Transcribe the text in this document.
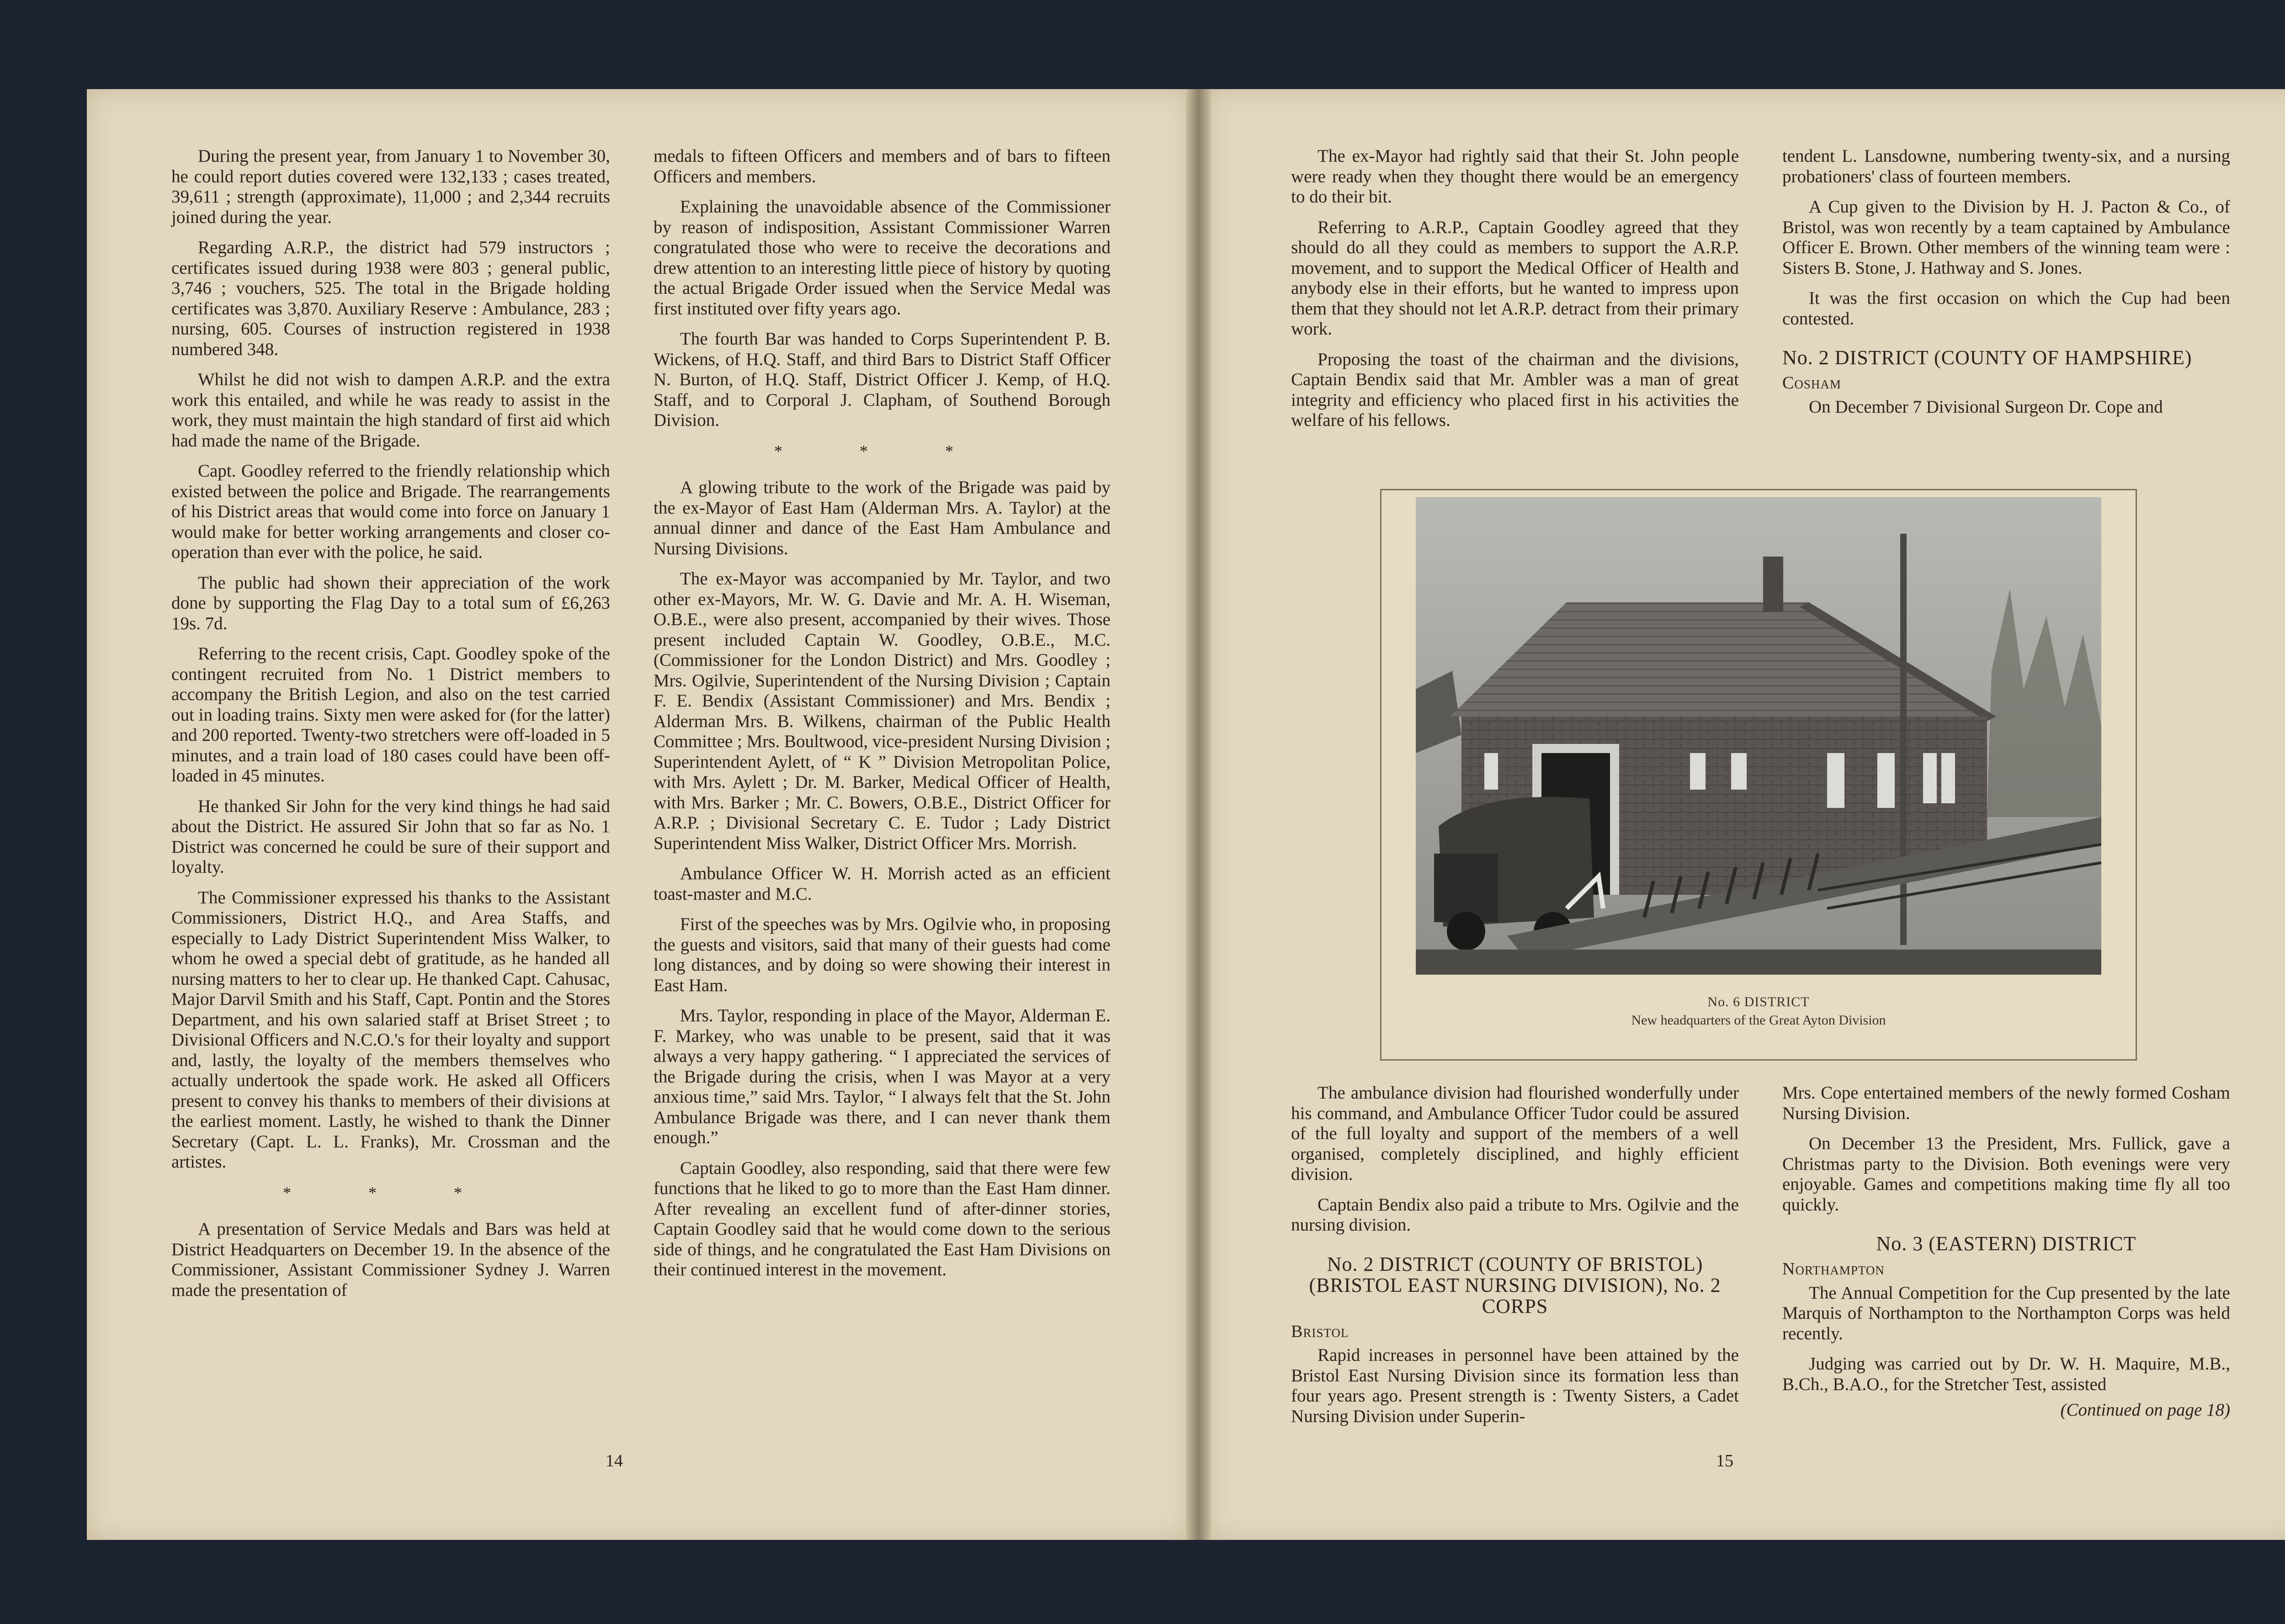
During the present year, from January 1 to November 30, he could report duties covered were 132,133 ; cases treated, 39,611 ; strength (approximate), 11,000 ; and 2,344 recruits joined during the year.

Regarding A.R.P., the district had 579 instructors ; certificates issued during 1938 were 803 ; general public, 3,746 ; vouchers, 525. The total in the Brigade holding certificates was 3,870. Auxiliary Reserve : Ambulance, 283 ; nursing, 605. Courses of instruction registered in 1938 numbered 348.

Whilst he did not wish to dampen A.R.P. and the extra work this entailed, and while he was ready to assist in the work, they must maintain the high standard of first aid which had made the name of the Brigade.

Capt. Goodley referred to the friendly relationship which existed between the police and Brigade. The rearrangements of his District areas that would come into force on January 1 would make for better working arrangements and closer co-operation than ever with the police, he said.

The public had shown their appreciation of the work done by supporting the Flag Day to a total sum of £6,263 19s. 7d.

Referring to the recent crisis, Capt. Goodley spoke of the contingent recruited from No. 1 District members to accompany the British Legion, and also on the test carried out in loading trains. Sixty men were asked for (for the latter) and 200 reported. Twenty-two stretchers were off-loaded in 5 minutes, and a train load of 180 cases could have been off-loaded in 45 minutes.

He thanked Sir John for the very kind things he had said about the District. He assured Sir John that so far as No. 1 District was concerned he could be sure of their support and loyalty.

The Commissioner expressed his thanks to the Assistant Commissioners, District H.Q., and Area Staffs, and especially to Lady District Superintendent Miss Walker, to whom he owed a special debt of gratitude, as he handed all nursing matters to her to clear up. He thanked Capt. Cahusac, Major Darvil Smith and his Staff, Capt. Pontin and the Stores Department, and his own salaried staff at Briset Street ; to Divisional Officers and N.C.O.'s for their loyalty and support and, lastly, the loyalty of the members themselves who actually undertook the spade work. He asked all Officers present to convey his thanks to members of their divisions at the earliest moment. Lastly, he wished to thank the Dinner Secretary (Capt. L. L. Franks), Mr. Crossman and the artistes.

* * *

A presentation of Service Medals and Bars was held at District Headquarters on December 19. In the absence of the Commissioner, Assistant Commissioner Sydney J. Warren made the presentation of

medals to fifteen Officers and members and of bars to fifteen Officers and members.

Explaining the unavoidable absence of the Commissioner by reason of indisposition, Assistant Commissioner Warren congratulated those who were to receive the decorations and drew attention to an interesting little piece of history by quoting the actual Brigade Order issued when the Service Medal was first instituted over fifty years ago.

The fourth Bar was handed to Corps Superintendent P. B. Wickens, of H.Q. Staff, and third Bars to District Staff Officer N. Burton, of H.Q. Staff, District Officer J. Kemp, of H.Q. Staff, and to Corporal J. Clapham, of Southend Borough Division.

* * *

A glowing tribute to the work of the Brigade was paid by the ex-Mayor of East Ham (Alderman Mrs. A. Taylor) at the annual dinner and dance of the East Ham Ambulance and Nursing Divisions.

The ex-Mayor was accompanied by Mr. Taylor, and two other ex-Mayors, Mr. W. G. Davie and Mr. A. H. Wiseman, O.B.E., were also present, accompanied by their wives. Those present included Captain W. Goodley, O.B.E., M.C. (Commissioner for the London District) and Mrs. Goodley ; Mrs. Ogilvie, Superintendent of the Nursing Division ; Captain F. E. Bendix (Assistant Commissioner) and Mrs. Bendix ; Alderman Mrs. B. Wilkens, chairman of the Public Health Committee ; Mrs. Boultwood, vice-president Nursing Division ; Superintendent Aylett, of “ K ” Division Metropolitan Police, with Mrs. Aylett ; Dr. M. Barker, Medical Officer of Health, with Mrs. Barker ; Mr. C. Bowers, O.B.E., District Officer for A.R.P. ; Divisional Secretary C. E. Tudor ; Lady District Superintendent Miss Walker, District Officer Mrs. Morrish.

Ambulance Officer W. H. Morrish acted as an efficient toast-master and M.C.

First of the speeches was by Mrs. Ogilvie who, in proposing the guests and visitors, said that many of their guests had come long distances, and by doing so were showing their interest in East Ham.

Mrs. Taylor, responding in place of the Mayor, Alderman E. F. Markey, who was unable to be present, said that it was always a very happy gathering. “ I appreciated the services of the Brigade during the crisis, when I was Mayor at a very anxious time,” said Mrs. Taylor, “ I always felt that the St. John Ambulance Brigade was there, and I can never thank them enough.”

Captain Goodley, also responding, said that there were few functions that he liked to go to more than the East Ham dinner. After revealing an excellent fund of after-dinner stories, Captain Goodley said that he would come down to the serious side of things, and he congratulated the East Ham Divisions on their continued interest in the movement.

14

The ex-Mayor had rightly said that their St. John people were ready when they thought there would be an emergency to do their bit.

Referring to A.R.P., Captain Goodley agreed that they should do all they could as members to support the A.R.P. movement, and to support the Medical Officer of Health and anybody else in their efforts, but he wanted to impress upon them that they should not let A.R.P. detract from their primary work.

Proposing the toast of the chairman and the divisions, Captain Bendix said that Mr. Ambler was a man of great integrity and efficiency who placed first in his activities the welfare of his fellows.

tendent L. Lansdowne, numbering twenty-six, and a nursing probationers' class of fourteen members.

A Cup given to the Division by H. J. Pacton & Co., of Bristol, was won recently by a team captained by Ambulance Officer E. Brown. Other members of the winning team were : Sisters B. Stone, J. Hathway and S. Jones.

It was the first occasion on which the Cup had been contested.

No. 2 DISTRICT (COUNTY OF HAMPSHIRE)
Cosham

On December 7 Divisional Surgeon Dr. Cope and

No. 6 DISTRICT
New headquarters of the Great Ayton Division

The ambulance division had flourished wonderfully under his command, and Ambulance Officer Tudor could be assured of the full loyalty and support of the members of a well organised, completely disciplined, and highly efficient division.

Captain Bendix also paid a tribute to Mrs. Ogilvie and the nursing division.

No. 2 DISTRICT (COUNTY OF BRISTOL) (BRISTOL EAST NURSING DIVISION), No. 2 CORPS
Bristol

Rapid increases in personnel have been attained by the Bristol East Nursing Division since its formation less than four years ago. Present strength is : Twenty Sisters, a Cadet Nursing Division under Superin-

Mrs. Cope entertained members of the newly formed Cosham Nursing Division.

On December 13 the President, Mrs. Fullick, gave a Christmas party to the Division. Both evenings were very enjoyable. Games and competitions making time fly all too quickly.

No. 3 (EASTERN) DISTRICT
Northampton

The Annual Competition for the Cup presented by the late Marquis of Northampton to the Northampton Corps was held recently.

Judging was carried out by Dr. W. H. Maquire, M.B., B.Ch., B.A.O., for the Stretcher Test, assisted

(Continued on page 18)
15
